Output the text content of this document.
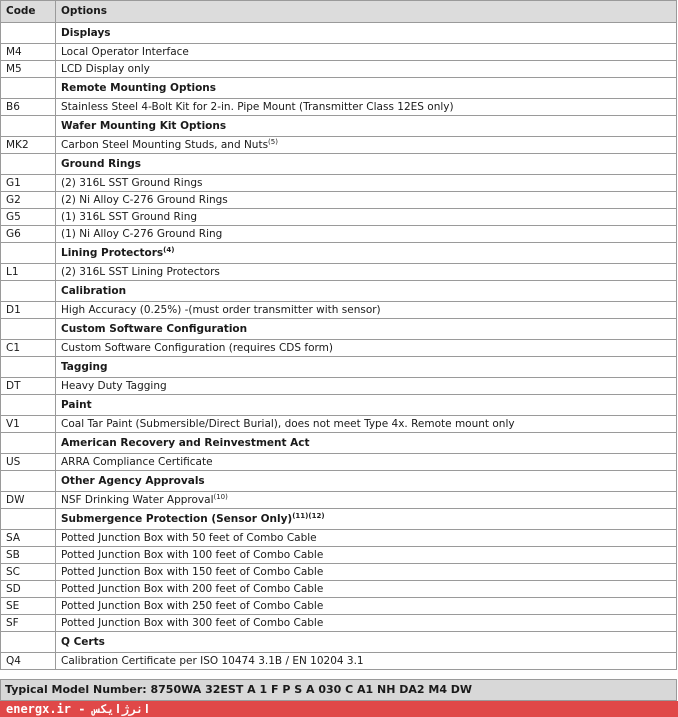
Code	Options
	Displays
M4	Local Operator Interface
M5	LCD Display only
	Remote Mounting Options
B6	Stainless Steel 4-Bolt Kit for 2-in. Pipe Mount (Transmitter Class 12ES only)
	Wafer Mounting Kit Options
MK2	Carbon Steel Mounting Studs, and Nuts$^{(5)}$
	Ground Rings
G1	(2) 316L SST Ground Rings
G2	(2) Ni Alloy C-276 Ground Rings
G5	(1) 316L SST Ground Ring
G6	(1) Ni Alloy C-276 Ground Ring
	Lining Protectors$^{(4)}$
L1	(2) 316L SST Lining Protectors
	Calibration
D1	High Accuracy (0.25%) -(must order transmitter with sensor)
	Custom Software Configuration
C1	Custom Software Configuration (requires CDS form)
	Tagging
DT	Heavy Duty Tagging
	Paint
V1	Coal Tar Paint (Submersible/Direct Burial), does not meet Type 4x. Remote mount only
	American Recovery and Reinvestment Act
US	ARRA Compliance Certificate
	Other Agency Approvals
DW	NSF Drinking Water Approval$^{(10)}$
	Submergence Protection (Sensor Only)$^{(11)(12)}$
SA	Potted Junction Box with 50 feet of Combo Cable
SB	Potted Junction Box with 100 feet of Combo Cable
SC	Potted Junction Box with 150 feet of Combo Cable
SD	Potted Junction Box with 200 feet of Combo Cable
SE	Potted Junction Box with 250 feet of Combo Cable
SF	Potted Junction Box with 300 feet of Combo Cable
	Q Certs
Q4	Calibration Certificate per ISO 10474 3.1B / EN 10204 3.1
Typical Model Number: 8750WA 32EST A 1 F P S A 030 C A1 NH DA2 M4 DW
energx.ir - انرژایکس
